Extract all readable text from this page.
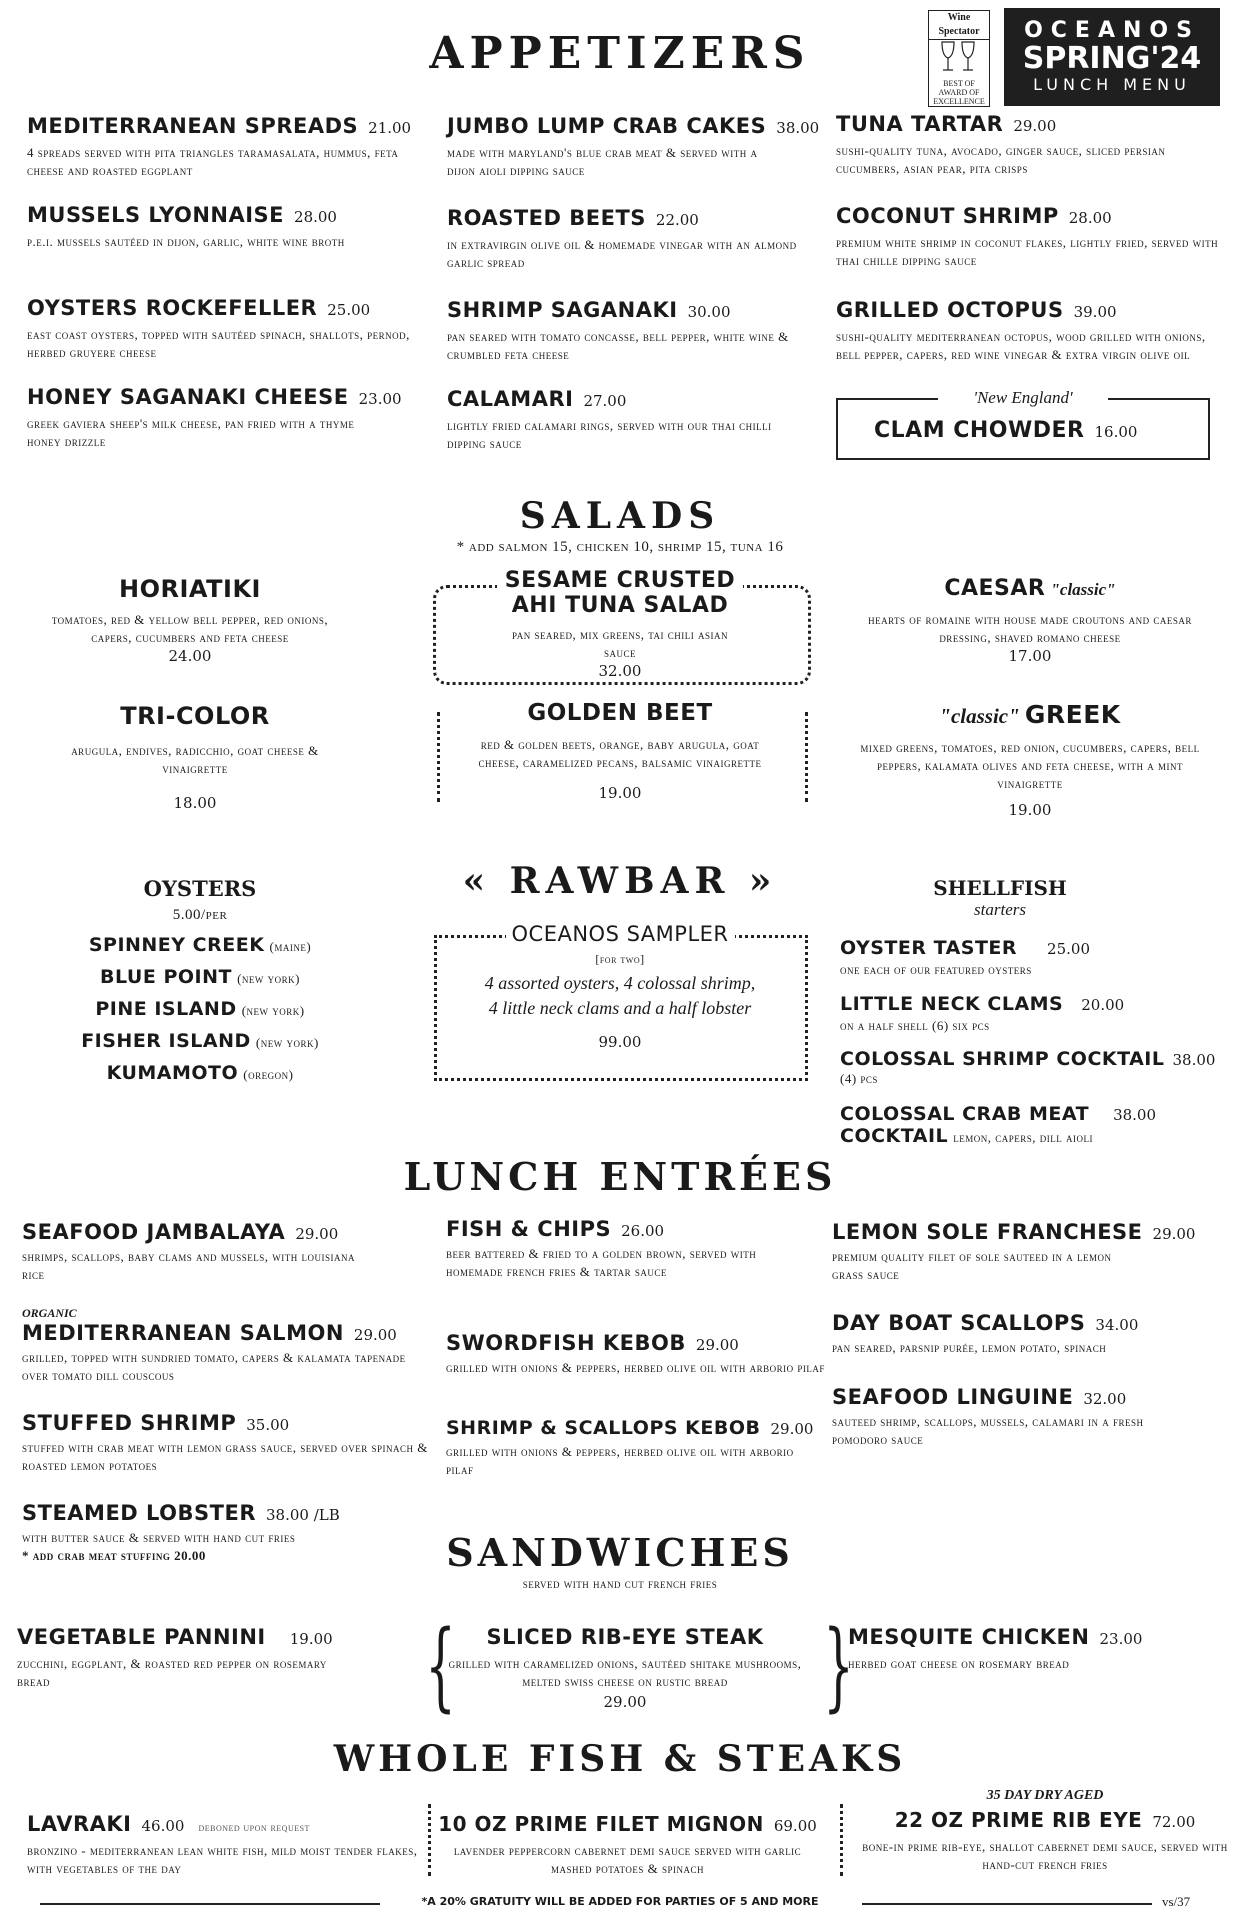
Wine Spectator
BEST OF
AWARD OF
EXCELLENCE
OCEANOS
SPRING'24
LUNCH MENU
APPETIZERS
MEDITERRANEAN SPREADS 21.00
4 spreads served with pita triangles taramasalata, hummus, feta cheese and roasted eggplant
MUSSELS LYONNAISE 28.00
p.e.i. mussels sautéed in dijon, garlic, white wine broth
OYSTERS ROCKEFELLER 25.00
east coast oysters, topped with sautéed spinach, shallots, pernod, herbed gruyere cheese
HONEY SAGANAKI CHEESE 23.00
greek gaviera sheep's milk cheese, pan fried with a thyme honey drizzle
JUMBO LUMP CRAB CAKES 38.00
made with maryland's blue crab meat & served with a dijon aioli dipping sauce
ROASTED BEETS 22.00
in extravirgin olive oil & homemade vinegar with an almond garlic spread
SHRIMP SAGANAKI 30.00
pan seared with tomato concasse, bell pepper, white wine & crumbled feta cheese
CALAMARI 27.00
lightly fried calamari rings, served with our thai chilli dipping sauce
TUNA TARTAR 29.00
sushi-quality tuna, avocado, ginger sauce, sliced persian cucumbers, asian pear, pita crisps
COCONUT SHRIMP 28.00
premium white shrimp in coconut flakes, lightly fried, served with thai chille dipping sauce
GRILLED OCTOPUS 39.00
sushi-quality mediterranean octopus, wood grilled with onions, bell pepper, capers, red wine vinegar & extra virgin olive oil
'New England'
CLAM CHOWDER 16.00
SALADS
* add salmon 15, chicken 10, shrimp 15, tuna 16
HORIATIKI
tomatoes, red & yellow bell pepper, red onions, capers, cucumbers and feta cheese
24.00
TRI-COLOR
arugula, endives, radicchio, goat cheese & vinaigrette
18.00
SESAME CRUSTED
AHI TUNA SALAD
pan seared, mix greens, tai chili asian sauce
32.00
GOLDEN BEET
red & golden beets, orange, baby arugula, goat cheese, caramelized pecans, balsamic vinaigrette
19.00
CAESAR "classic"
hearts of romaine with house made croutons and caesar dressing, shaved romano cheese
17.00
"classic" GREEK
mixed greens, tomatoes, red onion, cucumbers, capers, bell peppers, kalamata olives and feta cheese, with a mint vinaigrette
19.00
OYSTERS
5.00/per
SPINNEY CREEK (maine)
BLUE POINT (new york)
PINE ISLAND (new york)
FISHER ISLAND (new york)
KUMAMOTO (oregon)
« RAWBAR »
OCEANOS SAMPLER
[for two]
4 assorted oysters, 4 colossal shrimp,
4 little neck clams and a half lobster
99.00
SHELLFISH
starters
OYSTER TASTER 25.00
one each of our featured oysters
LITTLE NECK CLAMS 20.00
on a half shell (6) six pcs
COLOSSAL SHRIMP COCKTAIL 38.00
(4) pcs
COLOSSAL CRAB MEAT 38.00
COCKTAIL lemon, capers, dill aioli
LUNCH ENTRÉES
SEAFOOD JAMBALAYA 29.00
shrimps, scallops, baby clams and mussels, with louisiana rice
ORGANIC
MEDITERRANEAN SALMON 29.00
grilled, topped with sundried tomato, capers & kalamata tapenade over tomato dill couscous
STUFFED SHRIMP 35.00
stuffed with crab meat with lemon grass sauce, served over spinach & roasted lemon potatoes
STEAMED LOBSTER 38.00 /LB
with butter sauce & served with hand cut fries
* add crab meat stuffing 20.00
FISH & CHIPS 26.00
beer battered & fried to a golden brown, served with homemade french fries & tartar sauce
SWORDFISH KEBOB 29.00
grilled with onions & peppers, herbed olive oil with arborio pilaf
SHRIMP & SCALLOPS KEBOB 29.00
grilled with onions & peppers, herbed olive oil with arborio pilaf
LEMON SOLE FRANCHESE 29.00
premium quality filet of sole sauteed in a lemon grass sauce
DAY BOAT SCALLOPS 34.00
pan seared, parsnip purée, lemon potato, spinach
SEAFOOD LINGUINE 32.00
sauteed shrimp, scallops, mussels, calamari in a fresh pomodoro sauce
SANDWICHES
served with hand cut french fries
VEGETABLE PANNINI 19.00
zucchini, eggplant, & roasted red pepper on rosemary bread	{	}
SLICED RIB-EYE STEAK
grilled with caramelized onions, sautéed shitake mushrooms, melted swiss cheese on rustic bread
29.00
MESQUITE CHICKEN 23.00
herbed goat cheese on rosemary bread
WHOLE FISH & STEAKS
LAVRAKI 46.00 deboned upon request
bronzino - mediterranean lean white fish, mild moist tender flakes, with vegetables of the day
10 OZ PRIME FILET MIGNON 69.00
lavender peppercorn cabernet demi sauce served with garlic mashed potatoes & spinach
35 DAY DRY AGED
22 OZ PRIME RIB EYE 72.00
bone-in prime rib-eye, shallot cabernet demi sauce, served with hand-cut french fries
*A 20% GRATUITY WILL BE ADDED FOR PARTIES OF 5 AND MORE	vs/37
